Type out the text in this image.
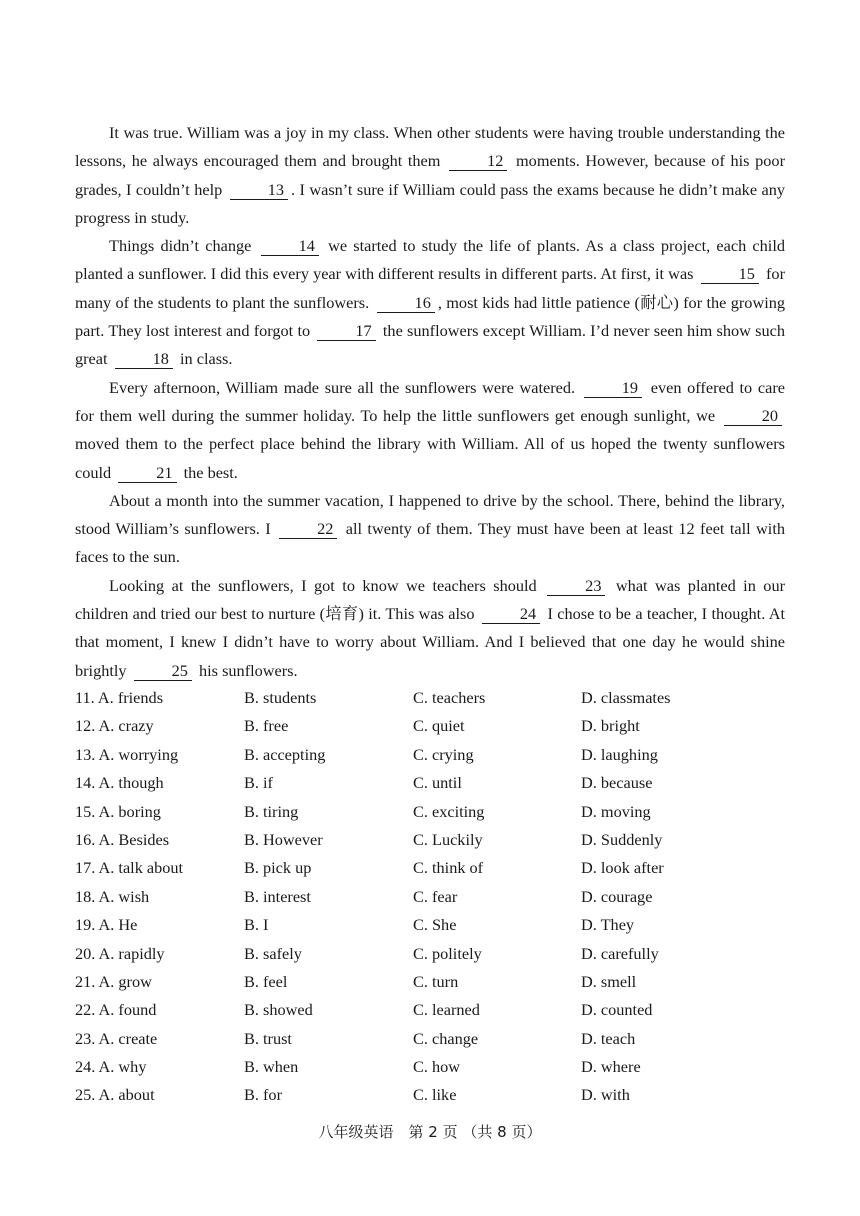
It was true. William was a joy in my class. When other students were having trouble understanding the lessons, he always encouraged them and brought them	12 moments. However, because of his poor grades, I couldn’t help	13 . I wasn’t sure if William could pass the exams because he didn’t make any progress in study.

Things didn’t change	14 we started to study the life of plants. As a class project, each child planted a sunflower. I did this every year with different results in different parts. At first, it was	15 for many of the students to plant the sunflowers.	16 , most kids had little patience (耐心) for the growing part. They lost interest and forgot to	17 the sunflowers except William. I’d never seen him show such great	18 in class.

Every afternoon, William made sure all the sunflowers were watered.	19 even offered to care for them well during the summer holiday. To help the little sunflowers get enough sunlight, we	20 moved them to the perfect place behind the library with William. All of us hoped the twenty sunflowers could	21 the best.

About a month into the summer vacation, I happened to drive by the school. There, behind the library, stood William’s sunflowers. I	22 all twenty of them. They must have been at least 12 feet tall with faces to the sun.

Looking at the sunflowers, I got to know we teachers should	23 what was planted in our children and tried our best to nurture (培育) it. This was also	24 I chose to be a teacher, I thought. At that moment, I knew I didn’t have to worry about William. And I believed that one day he would shine brightly	25 his sunflowers.

11. A. friends	B. students	C. teachers	D. classmates
12. A. crazy	B. free	C. quiet	D. bright
13. A. worrying	B. accepting	C. crying	D. laughing
14. A. though	B. if	C. until	D. because
15. A. boring	B. tiring	C. exciting	D. moving
16. A. Besides	B. However	C. Luckily	D. Suddenly
17. A. talk about	B. pick up	C. think of	D. look after
18. A. wish	B. interest	C. fear	D. courage
19. A. He	B. I	C. She	D. They
20. A. rapidly	B. safely	C. politely	D. carefully
21. A. grow	B. feel	C. turn	D. smell
22. A. found	B. showed	C. learned	D. counted
23. A. create	B. trust	C. change	D. teach
24. A. why	B. when	C. how	D. where
25. A. about	B. for	C. like	D. with
八年级英语　第 2 页 （共 8 页）
